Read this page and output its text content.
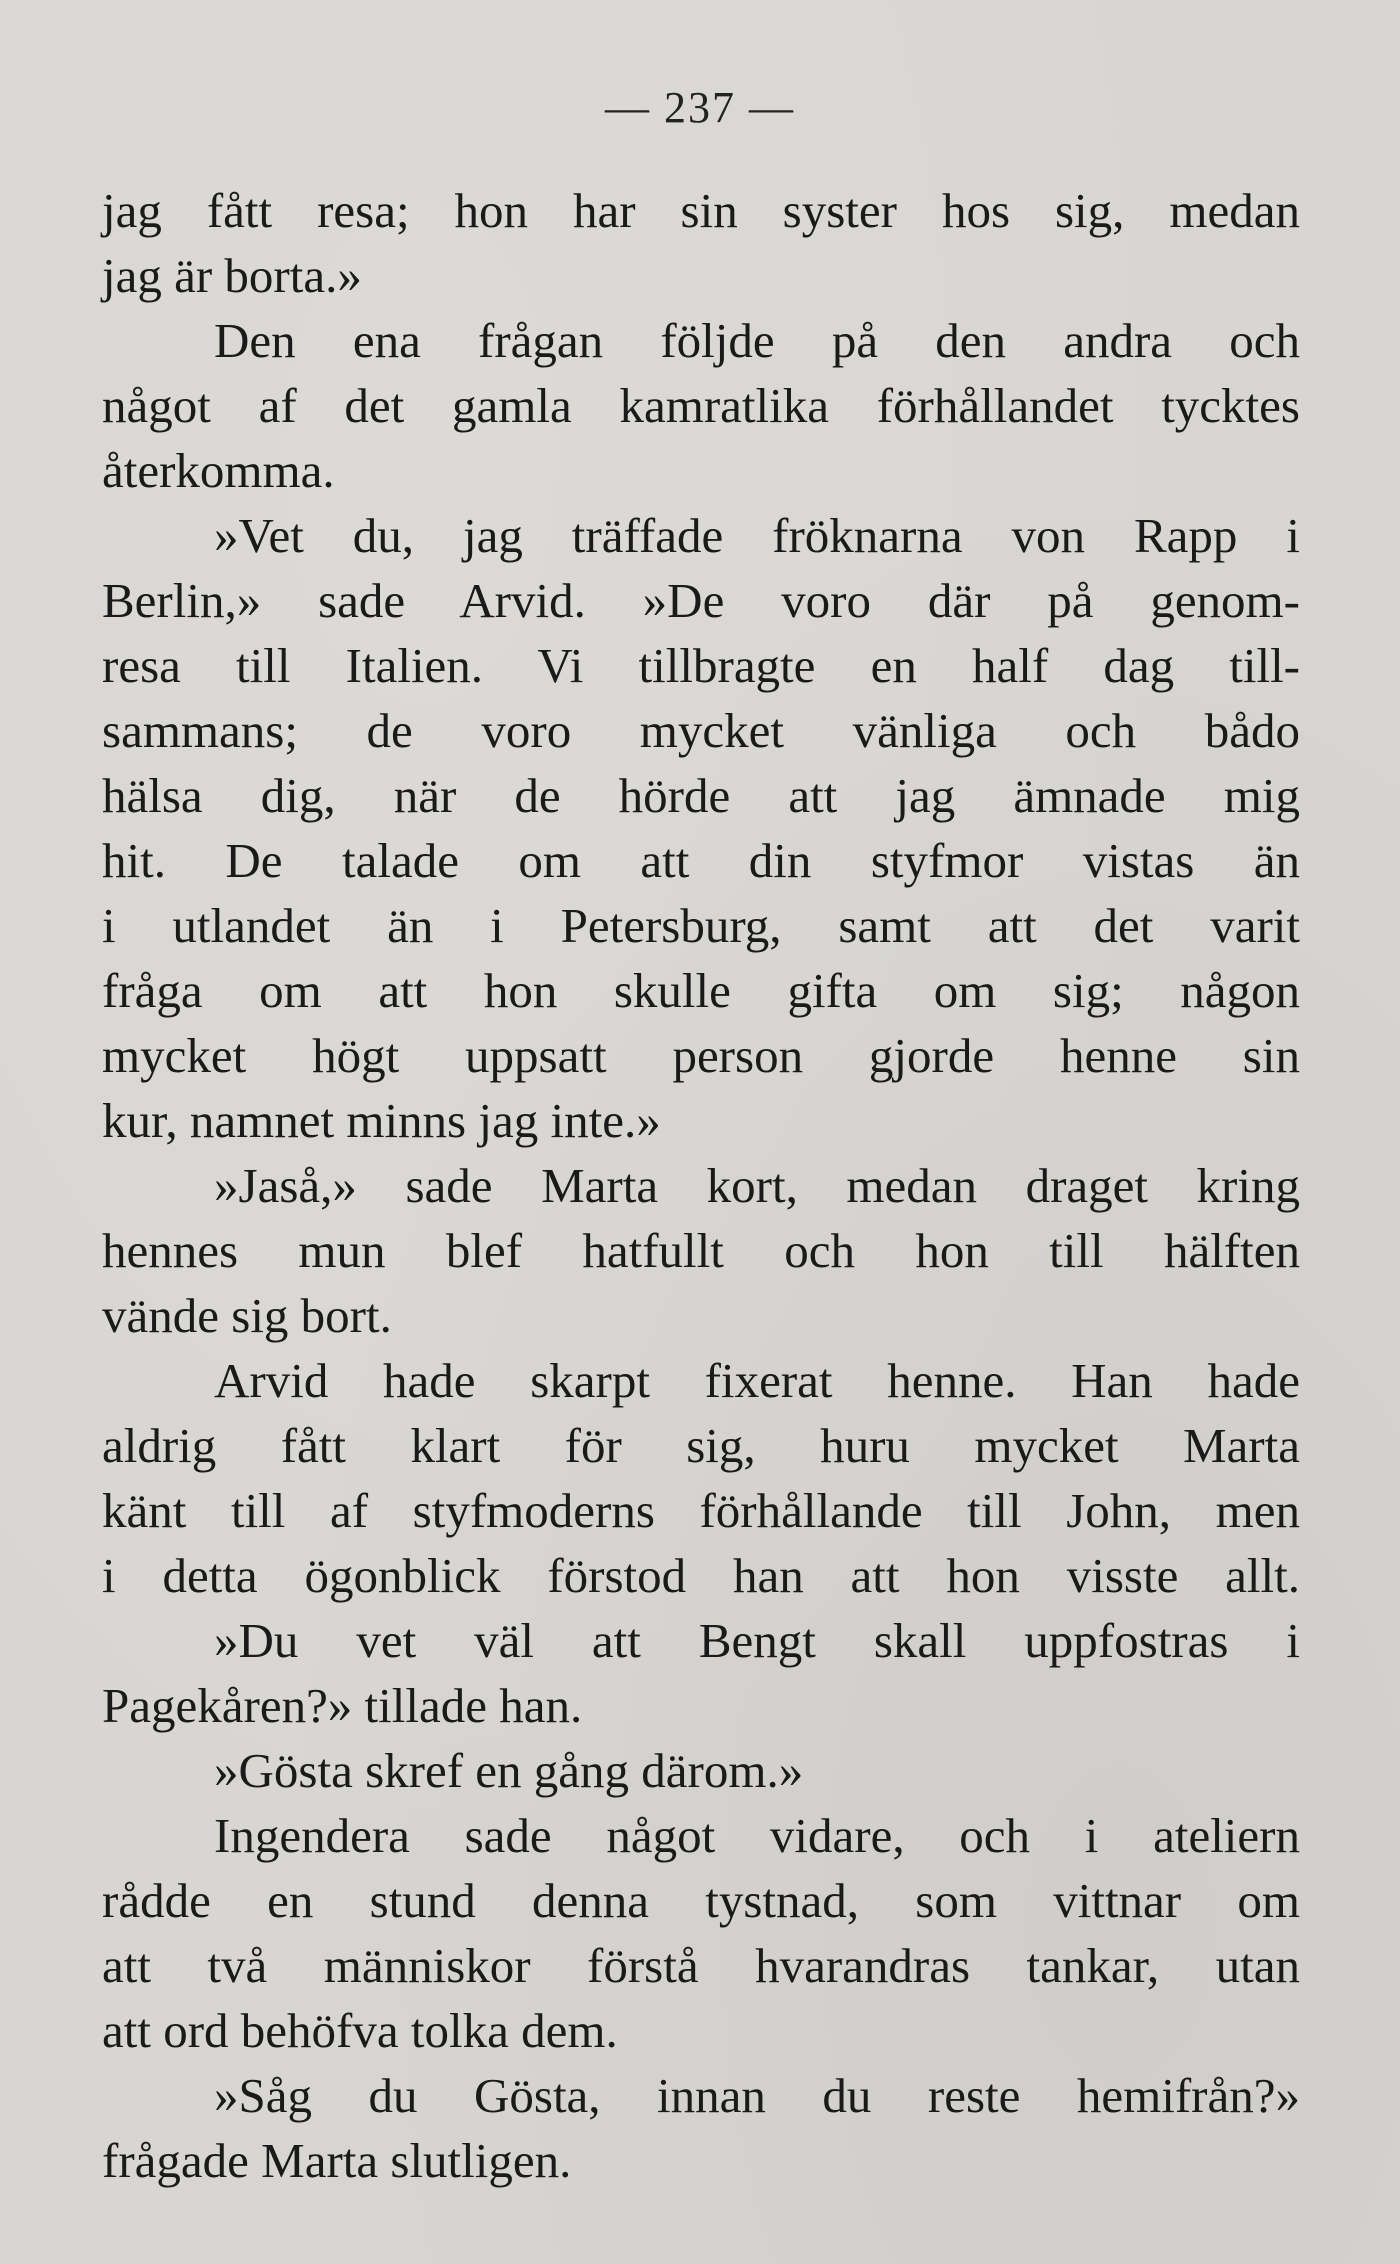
— 237 —
jag fått resa; hon har sin syster hos sig, medan
jag är borta.»
Den ena frågan följde på den andra och
något af det gamla kamratlika förhållandet tycktes
återkomma.
»Vet du, jag träffade fröknarna von Rapp i
Berlin,» sade Arvid. »De voro där på genom-
resa till Italien. Vi tillbragte en half dag till-
sammans; de voro mycket vänliga och bådo
hälsa dig, när de hörde att jag ämnade mig
hit. De talade om att din styfmor vistas än
i utlandet än i Petersburg, samt att det varit
fråga om att hon skulle gifta om sig; någon
mycket högt uppsatt person gjorde henne sin
kur, namnet minns jag inte.»
»Jaså,» sade Marta kort, medan draget kring
hennes mun blef hatfullt och hon till hälften
vände sig bort.
Arvid hade skarpt fixerat henne. Han hade
aldrig fått klart för sig, huru mycket Marta
känt till af styfmoderns förhållande till John, men
i detta ögonblick förstod han att hon visste allt.
»Du vet väl att Bengt skall uppfostras i
Pagekåren?» tillade han.
»Gösta skref en gång därom.»
Ingendera sade något vidare, och i ateliern
rådde en stund denna tystnad, som vittnar om
att två människor förstå hvarandras tankar, utan
att ord behöfva tolka dem.
»Såg du Gösta, innan du reste hemifrån?»
frågade Marta slutligen.
